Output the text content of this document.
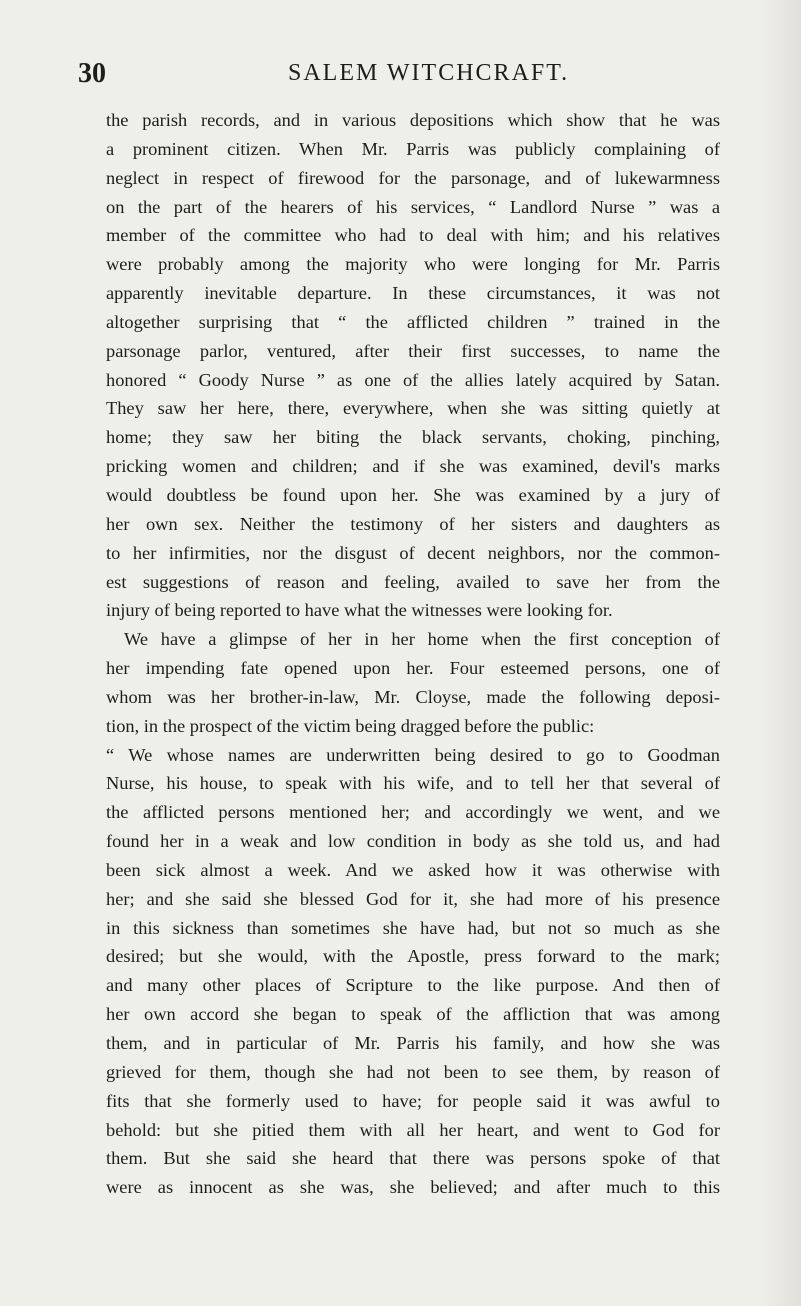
30	SALEM WITCHCRAFT.
the parish records, and in various depositions which show that he was
a prominent citizen. When Mr. Parris was publicly complaining of
neglect in respect of firewood for the parsonage, and of lukewarmness
on the part of the hearers of his services, “ Landlord Nurse ” was a
member of the committee who had to deal with him; and his relatives
were probably among the majority who were longing for Mr. Parris
apparently inevitable departure. In these circumstances, it was not
altogether surprising that “ the afflicted children ” trained in the
parsonage parlor, ventured, after their first successes, to name the
honored “ Goody Nurse ” as one of the allies lately acquired by Satan.
They saw her here, there, everywhere, when she was sitting quietly at
home; they saw her biting the black servants, choking, pinching,
pricking women and children; and if she was examined, devil's marks
would doubtless be found upon her. She was examined by a jury of
her own sex. Neither the testimony of her sisters and daughters as
to her infirmities, nor the disgust of decent neighbors, nor the common-
est suggestions of reason and feeling, availed to save her from the
injury of being reported to have what the witnesses were looking for.
We have a glimpse of her in her home when the first conception of
her impending fate opened upon her. Four esteemed persons, one of
whom was her brother-in-law, Mr. Cloyse, made the following deposi-
tion, in the prospect of the victim being dragged before the public:
“ We whose names are underwritten being desired to go to Goodman
Nurse, his house, to speak with his wife, and to tell her that several of
the afflicted persons mentioned her; and accordingly we went, and we
found her in a weak and low condition in body as she told us, and had
been sick almost a week. And we asked how it was otherwise with
her; and she said she blessed God for it, she had more of his presence
in this sickness than sometimes she have had, but not so much as she
desired; but she would, with the Apostle, press forward to the mark;
and many other places of Scripture to the like purpose. And then of
her own accord she began to speak of the affliction that was among
them, and in particular of Mr. Parris his family, and how she was
grieved for them, though she had not been to see them, by reason of
fits that she formerly used to have; for people said it was awful to
behold: but she pitied them with all her heart, and went to God for
them. But she said she heard that there was persons spoke of that
were as innocent as she was, she believed; and after much to this
